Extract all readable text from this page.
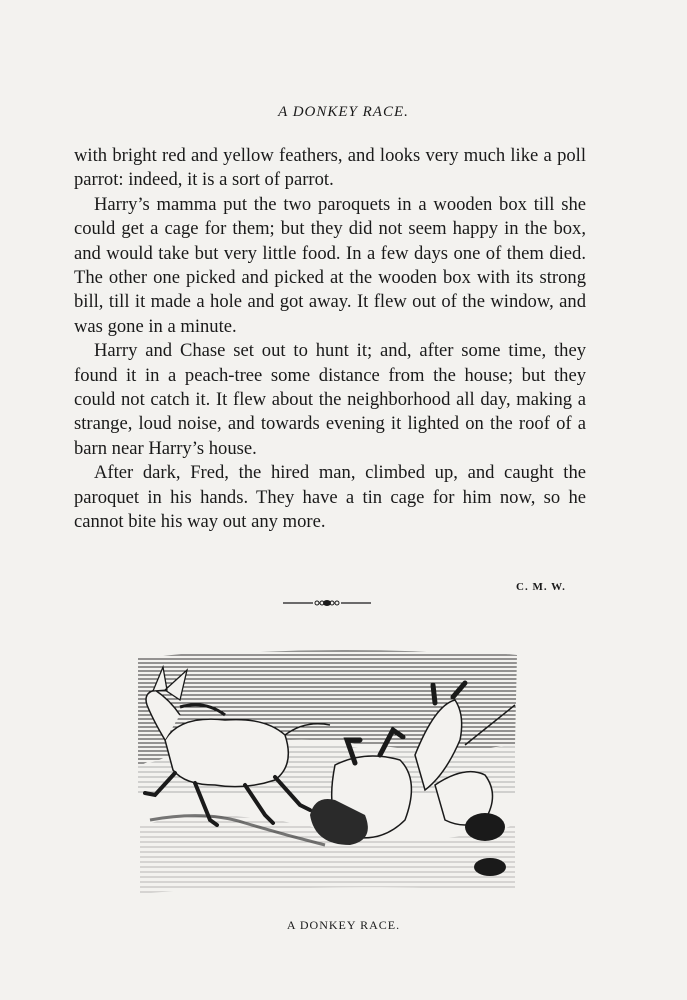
A DONKEY RACE.

with bright red and yellow feathers, and looks very much like a poll parrot: indeed, it is a sort of parrot.

Harry’s mamma put the two paroquets in a wooden box till she could get a cage for them; but they did not seem happy in the box, and would take but very little food. In a few days one of them died. The other one picked and picked at the wooden box with its strong bill, till it made a hole and got away. It flew out of the window, and was gone in a minute.

Harry and Chase set out to hunt it; and, after some time, they found it in a peach-tree some distance from the house; but they could not catch it. It flew about the neighborhood all day, making a strange, loud noise, and towards evening it lighted on the roof of a barn near Harry’s house.

After dark, Fred, the hired man, climbed up, and caught the paroquet in his hands. They have a tin cage for him now, so he cannot bite his way out any more.

C. M. W.
A DONKEY RACE.
